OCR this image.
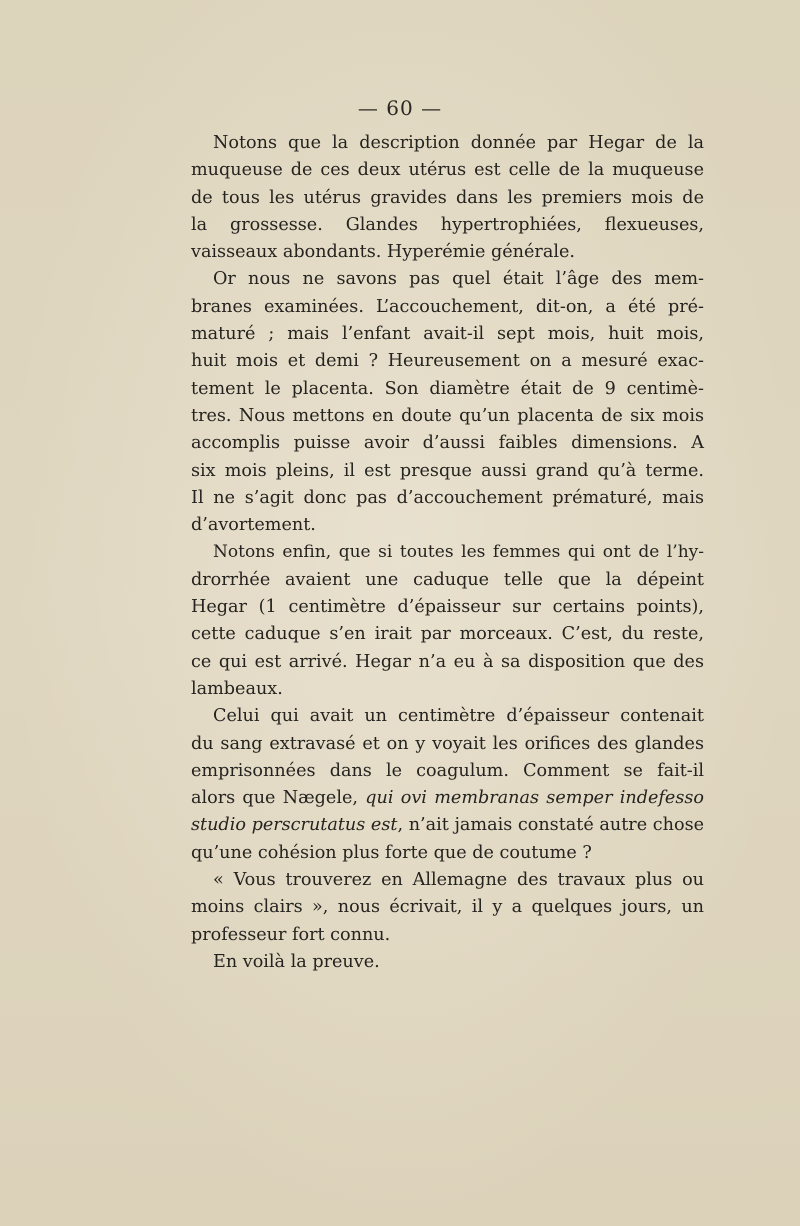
— 60 —
Notons que la description donnée par Hegar de la
muqueuse de ces deux utérus est celle de la muqueuse
de tous les utérus gravides dans les premiers mois de
la grossesse. Glandes hypertrophiées, flexueuses,
vaisseaux abondants. Hyperémie générale.
Or nous ne savons pas quel était l’âge des mem-
branes examinées. L’accouchement, dit-on, a été pré-
maturé ; mais l’enfant avait-il sept mois, huit mois,
huit mois et demi ? Heureusement on a mesuré exac-
tement le placenta. Son diamètre était de 9 centimè-
tres. Nous mettons en doute qu’un placenta de six mois
accomplis puisse avoir d’aussi faibles dimensions. A
six mois pleins, il est presque aussi grand qu’à terme.
Il ne s’agit donc pas d’accouchement prématuré, mais
d’avortement.
Notons enfin, que si toutes les femmes qui ont de l’hy-
drorrhée avaient une caduque telle que la dépeint
Hegar (1 centimètre d’épaisseur sur certains points),
cette caduque s’en irait par morceaux. C’est, du reste,
ce qui est arrivé. Hegar n’a eu à sa disposition que des
lambeaux.
Celui qui avait un centimètre d’épaisseur contenait
du sang extravasé et on y voyait les orifices des glandes
emprisonnées dans le coagulum. Comment se fait-il
alors que Nægele, qui ovi membranas semper indefesso
studio perscrutatus est, n’ait jamais constaté autre chose
qu’une cohésion plus forte que de coutume ?
« Vous trouverez en Allemagne des travaux plus ou
moins clairs », nous écrivait, il y a quelques jours, un
professeur fort connu.
En voilà la preuve.
